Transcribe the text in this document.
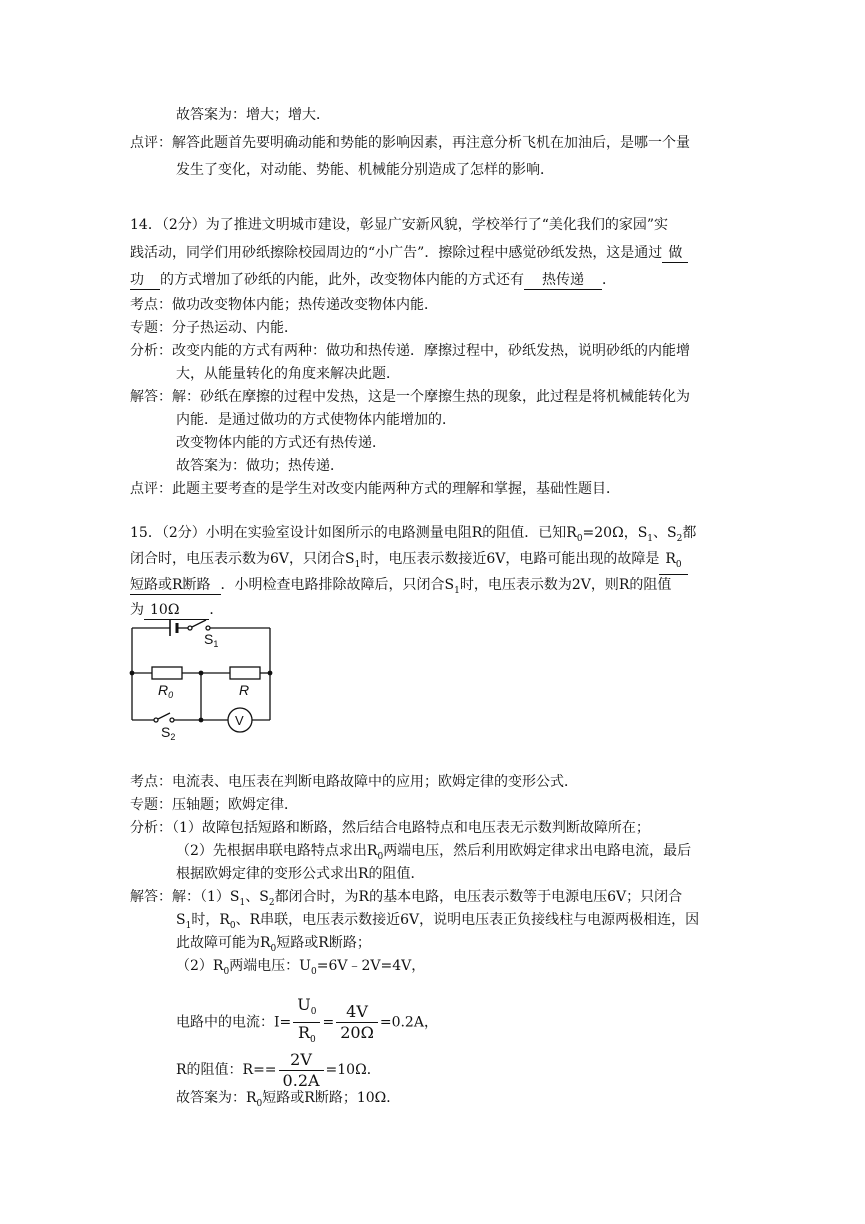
故答案为：增大；增大．
点评：解答此题首先要明确动能和势能的影响因素，再注意分析飞机在加油后，是哪一个量
发生了变化，对动能、势能、机械能分别造成了怎样的影响．
14．（2分）为了推进文明城市建设，彰显广安新风貌，学校举行了“美化我们的家园”实
践活动，同学们用砂纸擦除校园周边的“小广告”．擦除过程中感觉砂纸发热，这是通过 做
功 的方式增加了砂纸的内能，此外，改变物体内能的方式还有 热传递 ．
考点：做功改变物体内能；热传递改变物体内能．
专题：分子热运动、内能．
分析：改变内能的方式有两种：做功和热传递．摩擦过程中，砂纸发热，说明砂纸的内能增
大，从能量转化的角度来解决此题．
解答：解：砂纸在摩擦的过程中发热，这是一个摩擦生热的现象，此过程是将机械能转化为
内能．是通过做功的方式使物体内能增加的．
改变物体内能的方式还有热传递．
故答案为：做功；热传递．
点评：此题主要考查的是学生对改变内能两种方式的理解和掌握，基础性题目．
15．（2分）小明在实验室设计如图所示的电路测量电阻R的阻值．已知$R_0=20\Omega$，$S_1$、$S_2$都
闭合时，电压表示数为6V，只闭合$S_1$时，电压表示数接近6V，电路可能出现的故障是 $R_0$
短路或R断路 ．小明检查电路排除故障后，只闭合$S_1$时，电压表示数为2V，则R的阻值
为 10Ω ．
$S_1$
$R_0$	R
$S_2$
V
考点：电流表、电压表在判断电路故障中的应用；欧姆定律的变形公式．
专题：压轴题；欧姆定律．
分析：（1）故障包括短路和断路，然后结合电路特点和电压表无示数判断故障所在；
（2）先根据串联电路特点求出$R_0$两端电压，然后利用欧姆定律求出电路电流，最后
根据欧姆定律的变形公式求出R的阻值．
解答：解：$(1)S_1$、$S_2$都闭合时，为R的基本电路，电压表示数等于电源电压6V；只闭合
$S_1$时，$R_0$、R串联，电压表示数接近6V，说明电压表正负接线柱与电源两极相连，因
此故障可能为$R_0$短路或R断路；
$(2)R_0$两端电压：$U_0=6V﹣2V=4V$，
电路中的电流：$I= \frac{U_0}{R_0} = \frac{4V}{20\Omega} =0.2A$，
R的阻值：$R== \frac{2V}{0.2A} =10\Omega$．
故答案为：$R_0$短路或R断路；10Ω．
